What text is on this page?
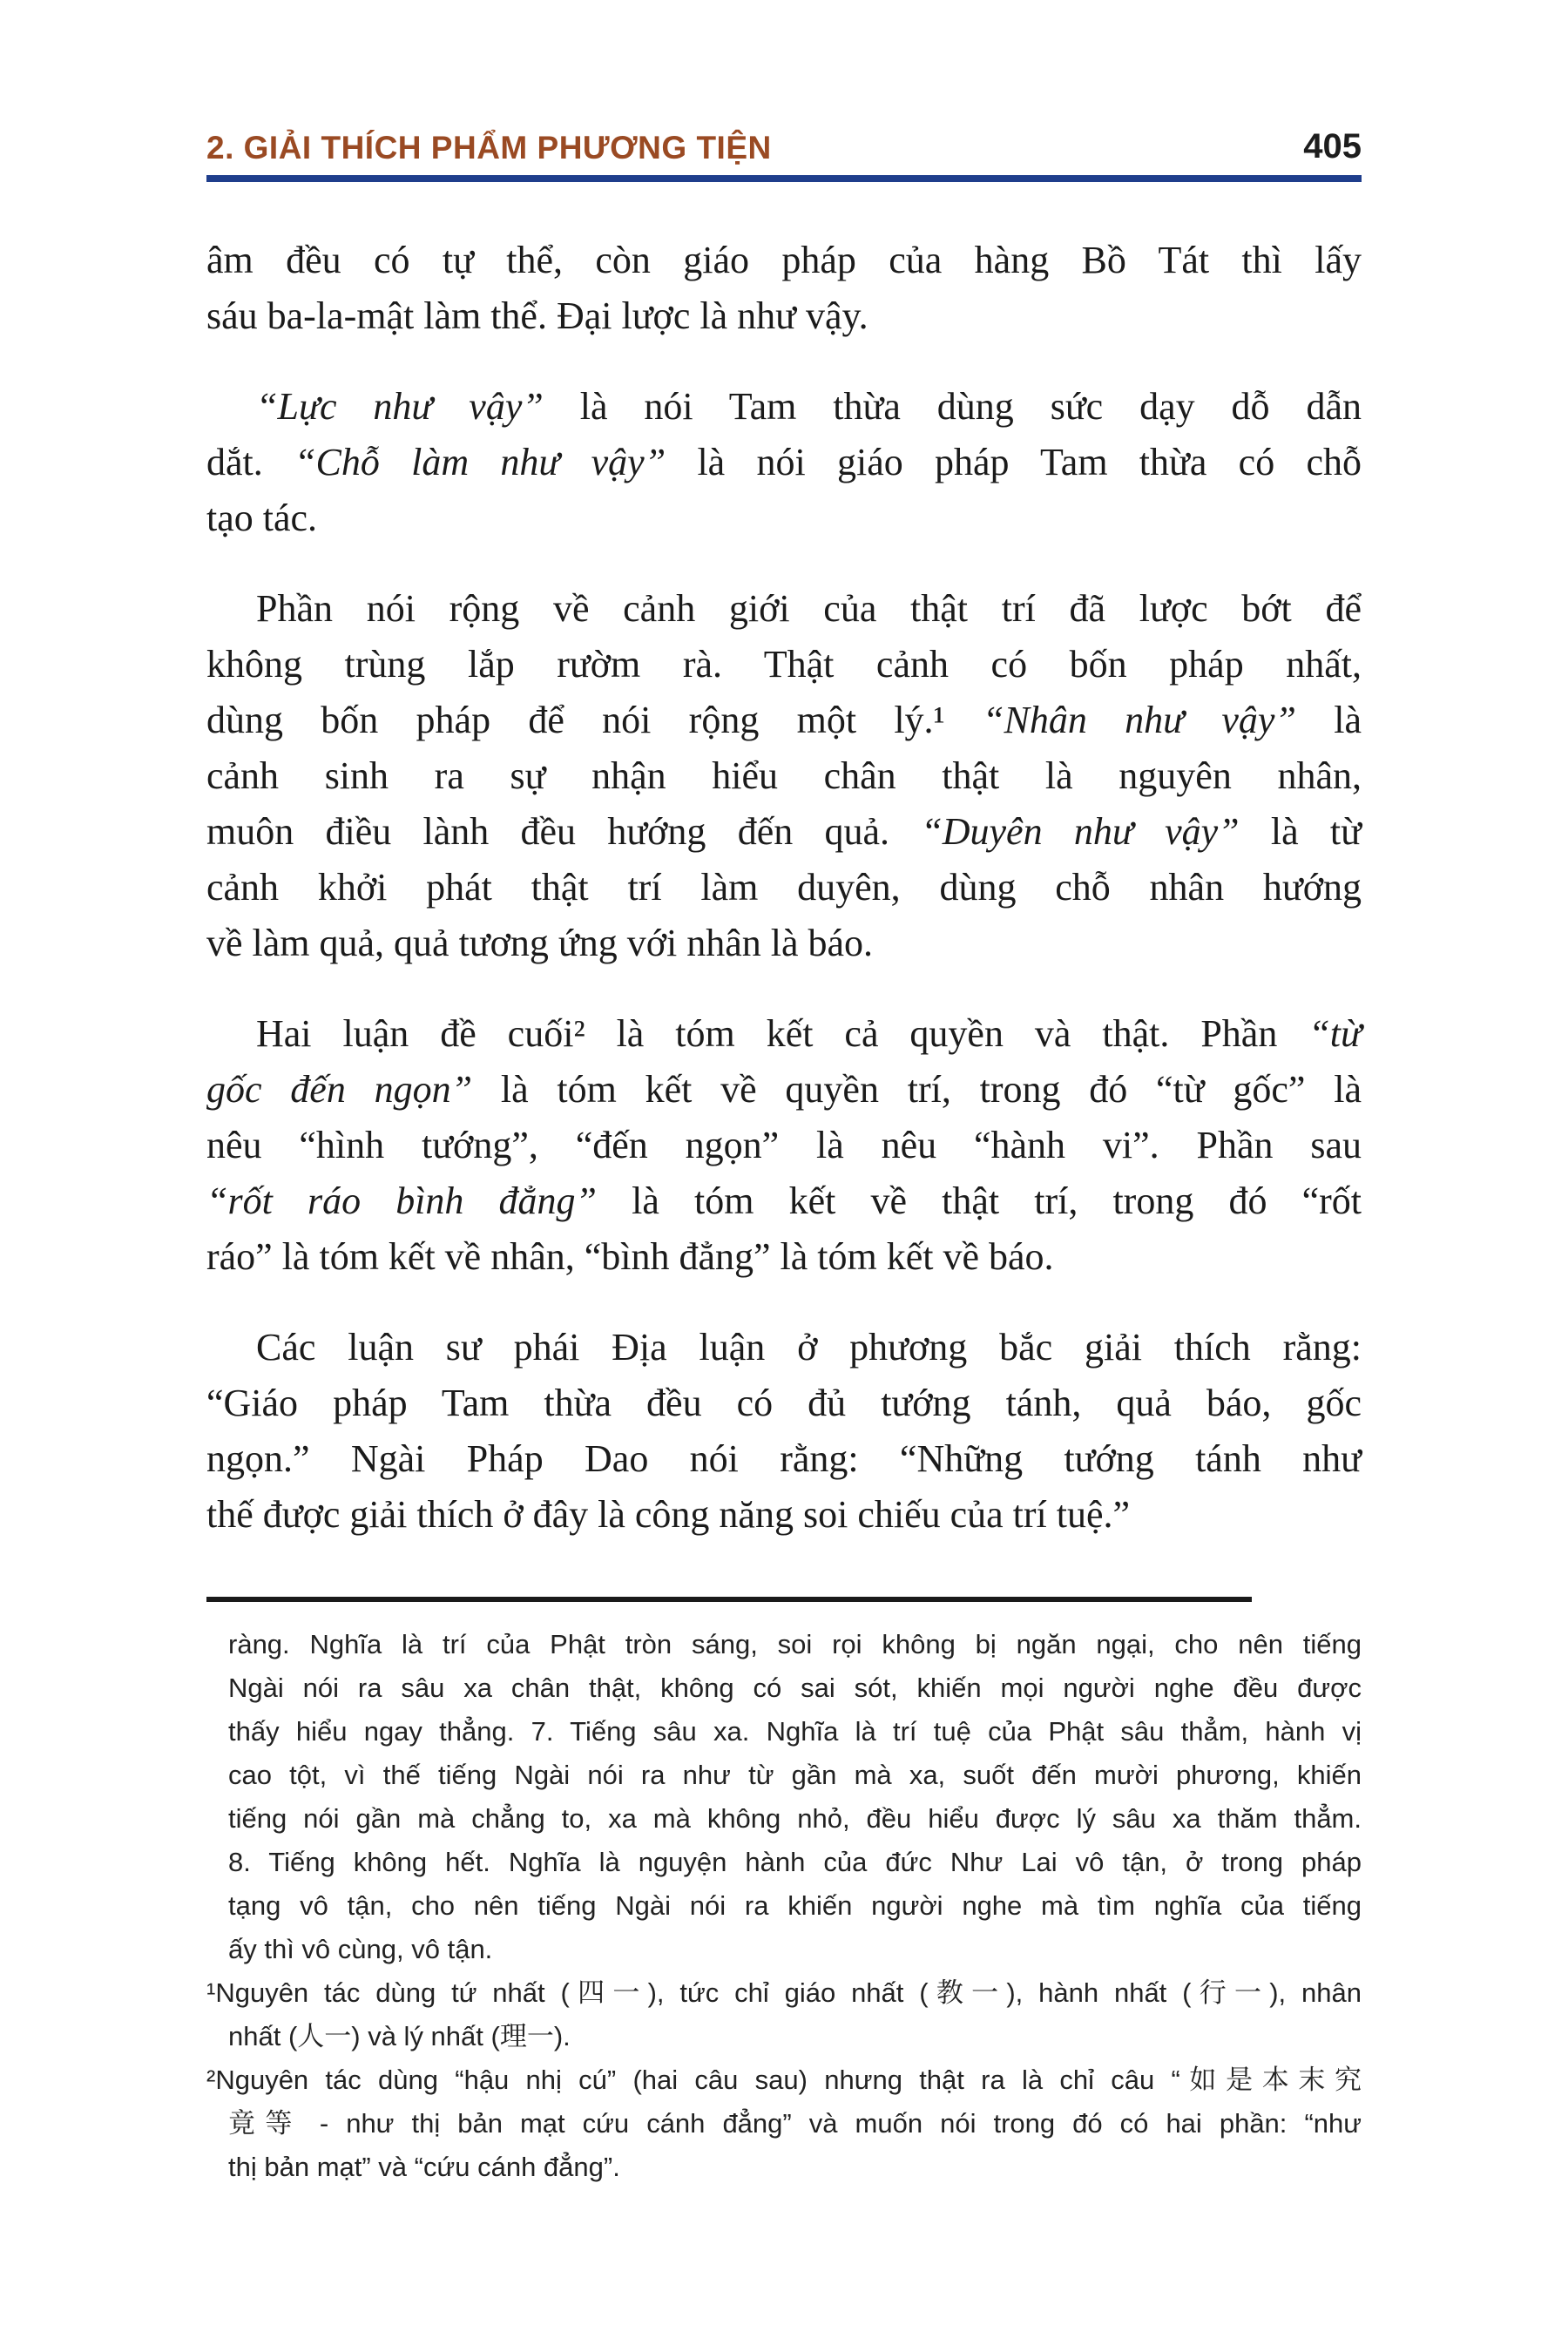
2. GIẢI THÍCH PHẨM PHƯƠNG TIỆN	405
âm đều có tự thể, còn giáo pháp của hàng Bồ Tát thì lấy
sáu ba-la-mật làm thể. Đại lược là như vậy.
“Lực như vậy” là nói Tam thừa dùng sức dạy dỗ dẫn
dắt. “Chỗ làm như vậy” là nói giáo pháp Tam thừa có chỗ
tạo tác.
Phần nói rộng về cảnh giới của thật trí đã lược bớt để
không trùng lắp rườm rà. Thật cảnh có bốn pháp nhất,
dùng bốn pháp để nói rộng một lý.¹ “Nhân như vậy” là
cảnh sinh ra sự nhận hiểu chân thật là nguyên nhân,
muôn điều lành đều hướng đến quả. “Duyên như vậy” là từ
cảnh khởi phát thật trí làm duyên, dùng chỗ nhân hướng
về làm quả, quả tương ứng với nhân là báo.
Hai luận đề cuối² là tóm kết cả quyền và thật. Phần “từ
gốc đến ngọn” là tóm kết về quyền trí, trong đó “từ gốc” là
nêu “hình tướng”, “đến ngọn” là nêu “hành vi”. Phần sau
“rốt ráo bình đẳng” là tóm kết về thật trí, trong đó “rốt
ráo” là tóm kết về nhân, “bình đẳng” là tóm kết về báo.
Các luận sư phái Địa luận ở phương bắc giải thích rằng:
“Giáo pháp Tam thừa đều có đủ tướng tánh, quả báo, gốc
ngọn.” Ngài Pháp Dao nói rằng: “Những tướng tánh như
thế được giải thích ở đây là công năng soi chiếu của trí tuệ.”
ràng. Nghĩa là trí của Phật tròn sáng, soi rọi không bị ngăn ngại, cho nên tiếng
Ngài nói ra sâu xa chân thật, không có sai sót, khiến mọi người nghe đều được
thấy hiểu ngay thẳng. 7. Tiếng sâu xa. Nghĩa là trí tuệ của Phật sâu thẳm, hành vị
cao tột, vì thế tiếng Ngài nói ra như từ gần mà xa, suốt đến mười phương, khiến
tiếng nói gần mà chẳng to, xa mà không nhỏ, đều hiểu được lý sâu xa thăm thẳm.
8. Tiếng không hết. Nghĩa là nguyện hành của đức Như Lai vô tận, ở trong pháp
tạng vô tận, cho nên tiếng Ngài nói ra khiến người nghe mà tìm nghĩa của tiếng
ấy thì vô cùng, vô tận.
¹Nguyên tác dùng tứ nhất (四一), tức chỉ giáo nhất (教一), hành nhất (行一), nhân
nhất (人一) và lý nhất (理一).
²Nguyên tác dùng “hậu nhị cú” (hai câu sau) nhưng thật ra là chỉ câu “如是本末究
竟等 - như thị bản mạt cứu cánh đẳng” và muốn nói trong đó có hai phần: “như
thị bản mạt” và “cứu cánh đẳng”.
